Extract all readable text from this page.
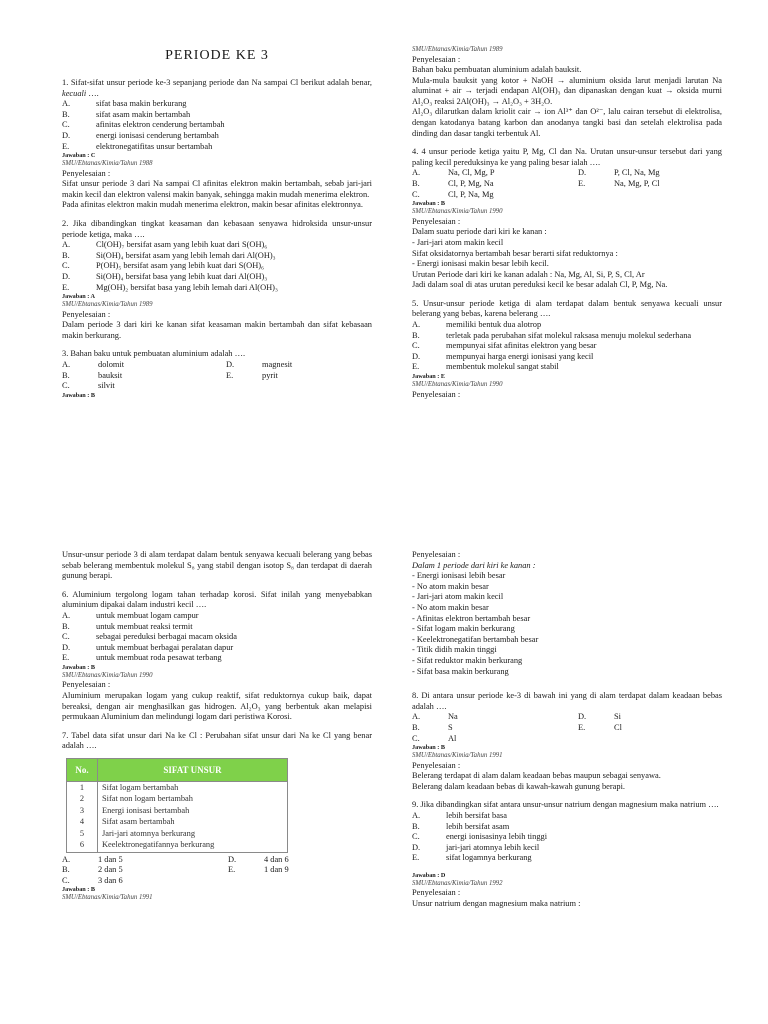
PERIODE KE 3
1. Sifat-sifat unsur periode ke-3 sepanjang periode dan Na sampai Cl berikut adalah benar, kecuali ….
A.	sifat basa makin berkurang
B.	sifat asam makin bertambah
C.	afinitas elektron cenderung bertambah
D.	energi ionisasi cenderung bertambah
E.	elektronegatifitas unsur bertambah
Jawaban : C
SMU/Ebtanas/Kimia/Tahun 1988
Penyelesaian :
Sifat unsur periode 3 dari Na sampai Cl afinitas elektron makin bertambah, sebab jari-jari makin kecil dan elektron valensi makin banyak, sehingga makin mudah menerima elektron.
Pada afinitas elektron makin mudah menerima elektron, makin besar afinitas elektronnya.
2. Jika dibandingkan tingkat keasaman dan kebasaan senyawa hidroksida unsur-unsur periode ketiga, maka ….
A.	Cl(OH)₇ bersifat asam yang lebih kuat dari S(OH)₆
B.	Si(OH)₄ bersifat asam yang lebih lemah dari Al(OH)₃
C.	P(OH)₅ bersifat asam yang lebih kuat dari S(OH)₆
D.	Si(OH)₄ bersifat basa yang lebih kuat dari Al(OH)₃
E.	Mg(OH)₂ bersifat basa yang lebih lemah dari Al(OH)₃
Jawaban : A
SMU/Ebtanas/Kimia/Tahun 1989
Penyelesaian :
Dalam periode 3 dari kiri ke kanan sifat keasaman makin bertambah dan sifat kebasaan makin berkurang.
3. Bahan baku untuk pembuatan aluminium adalah ….
A.	dolomit	D.	magnesit
B.	bauksit	E.	pyrit
C.	silvit
Jawaban : B
SMU/Ebtanas/Kimia/Tahun 1989
Penyelesaian :
Bahan baku pembuatan aluminium adalah bauksit.
Mula-mula bauksit yang kotor + NaOH → aluminium oksida larut menjadi larutan Na aluminat + air → terjadi endapan Al(OH)₃ dan dipanaskan dengan kuat → oksida murni Al₂O₃ reaksi 2Al(OH)₃ → Al₂O₃ + 3H₂O.
Al₂O₃ dilarutkan dalam kriolit cair → ion Al³⁺ dan O²⁻, lalu cairan tersebut di elektrolisa, dengan katodanya batang karbon dan anodanya tangki basi dan setelah elektrolisa pada dinding dan dasar tangki terbentuk Al.
4. 4 unsur periode ketiga yaitu P, Mg, Cl dan Na. Urutan unsur-unsur tersebut dari yang paling kecil pereduksinya ke yang paling besar ialah ….
A.	Na, Cl, Mg, P	D.	P, Cl, Na, Mg
B.	Cl, P, Mg, Na	E.	Na, Mg, P, Cl
C.	Cl, P, Na, Mg
Jawaban : B
SMU/Ebtanas/Kimia/Tahun 1990
Penyelesaian :
Dalam suatu periode dari kiri ke kanan :
- Jari-jari atom makin kecil
Sifat oksidatornya bertambah besar berarti sifat reduktornya :
- Energi ionisasi makin besar lebih kecil.
Urutan Periode dari kiri ke kanan adalah : Na, Mg, Al, Si, P, S, Cl, Ar
Jadi dalam soal di atas urutan pereduksi kecil ke besar adalah Cl, P, Mg, Na.
5. Unsur-unsur periode ketiga di alam terdapat dalam bentuk senyawa kecuali unsur belerang yang bebas, karena belerang ….
A.	memiliki bentuk dua alotrop
B.	terletak pada perubahan sifat molekul raksasa menuju molekul sederhana
C.	mempunyai sifat afinitas elektron yang besar
D.	mempunyai harga energi ionisasi yang kecil
E.	membentuk molekul sangat stabil
Jawaban : E
SMU/Ebtanas/Kimia/Tahun 1990
Penyelesaian :
Unsur-unsur periode 3 di alam terdapat dalam bentuk senyawa kecuali belerang yang bebas sebab belerang membentuk molekul S₈ yang stabil dengan isotop S₈ dan terdapat di daerah gunung berapi.
6. Aluminium tergolong logam tahan terhadap korosi. Sifat inilah yang menyebabkan aluminium dipakai dalam industri kecil ….
A.	untuk membuat logam campur
B.	untuk membuat reaksi termit
C.	sebagai pereduksi berbagai macam oksida
D.	untuk membuat berbagai peralatan dapur
E.	untuk membuat roda pesawat terbang
Jawaban : B
SMU/Ebtanas/Kimia/Tahun 1990
Penyelesaian :
Aluminium merupakan logam yang cukup reaktif, sifat reduktornya cukup baik, dapat bereaksi, dengan air menghasilkan gas hidrogen. Al₂O₃ yang berbentuk akan melapisi permukaan Aluminium dan melindungi logam dari peristiwa Korosi.
7. Tabel data sifat unsur dari Na ke Cl : Perubahan sifat unsur dari Na ke Cl yang benar adalah ….
No.	SIFAT UNSUR
1	Sifat logam bertambah
2	Sifat non logam bertambah
3	Energi ionisasi bertambah
4	Sifat asam bertambah
5	Jari-jari atomnya berkurang
6	Keelektronegatifannya berkurang
A.	1 dan 5	D.	4 dan 6
B.	2 dan 5	E.	1 dan 9
C.	3 dan 6
Jawaban : B
SMU/Ebtanas/Kimia/Tahun 1991
Penyelesaian :
Dalam 1 periode dari kiri ke kanan :
- Energi ionisasi lebih besar
- No atom makin besar
- Jari-jari atom makin kecil
- No atom makin besar
- Afinitas elektron bertambah besar
- Sifat logam makin berkurang
- Keelektronegatifan bertambah besar
- Titik didih makin tinggi
- Sifat reduktor makin berkurang
- Sifat basa makin berkurang
8. Di antara unsur periode ke-3 di bawah ini yang di alam terdapat dalam keadaan bebas adalah ….
A.	Na	D.	Si
B.	S	E.	Cl
C.	Al
Jawaban : B
SMU/Ebtanas/Kimia/Tahun 1991
Penyelesaian :
Belerang terdapat di alam dalam keadaan bebas maupun sebagai senyawa.
Belerang dalam keadaan bebas di kawah-kawah gunung berapi.
9. Jika dibandingkan sifat antara unsur-unsur natrium dengan magnesium maka natrium ….
A.	lebih bersifat basa
B.	lebih bersifat asam
C.	energi ionisasinya lebih tinggi
D.	jari-jari atomnya lebih kecil
E.	sifat logamnya berkurang
Jawaban : D
SMU/Ebtanas/Kimia/Tahun 1992
Penyelesaian :
Unsur natrium dengan magnesium maka natrium :
